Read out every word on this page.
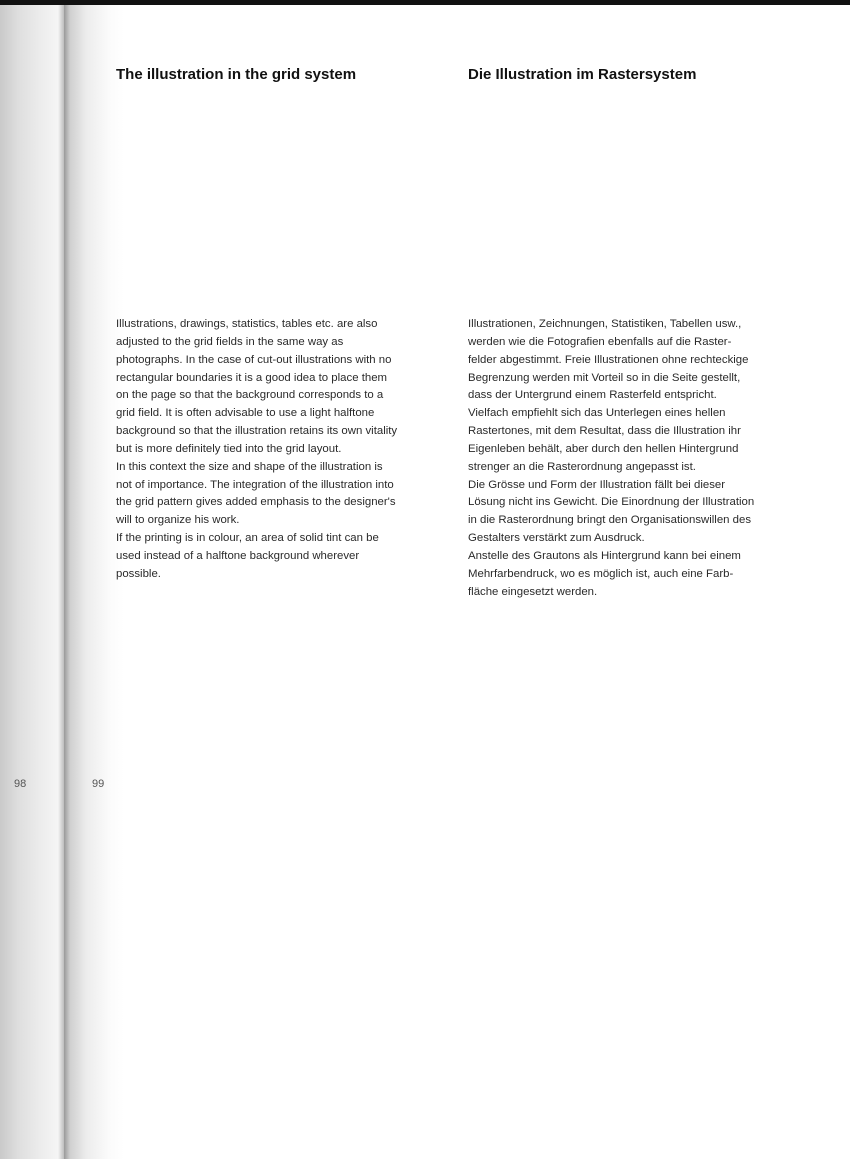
98	99
The illustration in the grid system	Die Illustration im Rastersystem

Illustrations, drawings, statistics, tables etc. are also
adjusted to the grid fields in the same way as
photographs. In the case of cut-out illustrations with no
rectangular boundaries it is a good idea to place them
on the page so that the background corresponds to a
grid field. It is often advisable to use a light halftone
background so that the illustration retains its own vitality
but is more definitely tied into the grid layout.
In this context the size and shape of the illustration is
not of importance. The integration of the illustration into
the grid pattern gives added emphasis to the designer's
will to organize his work.
If the printing is in colour, an area of solid tint can be
used instead of a halftone background wherever
possible.

Illustrationen, Zeichnungen, Statistiken, Tabellen usw.,
werden wie die Fotografien ebenfalls auf die Raster-
felder abgestimmt. Freie Illustrationen ohne rechteckige
Begrenzung werden mit Vorteil so in die Seite gestellt,
dass der Untergrund einem Rasterfeld entspricht.
Vielfach empfiehlt sich das Unterlegen eines hellen
Rastertones, mit dem Resultat, dass die Illustration ihr
Eigenleben behält, aber durch den hellen Hintergrund
strenger an die Rasterordnung angepasst ist.
Die Grösse und Form der Illustration fällt bei dieser
Lösung nicht ins Gewicht. Die Einordnung der Illustration
in die Rasterordnung bringt den Organisationswillen des
Gestalters verstärkt zum Ausdruck.
Anstelle des Grautons als Hintergrund kann bei einem
Mehrfarbendruck, wo es möglich ist, auch eine Farb-
fläche eingesetzt werden.
